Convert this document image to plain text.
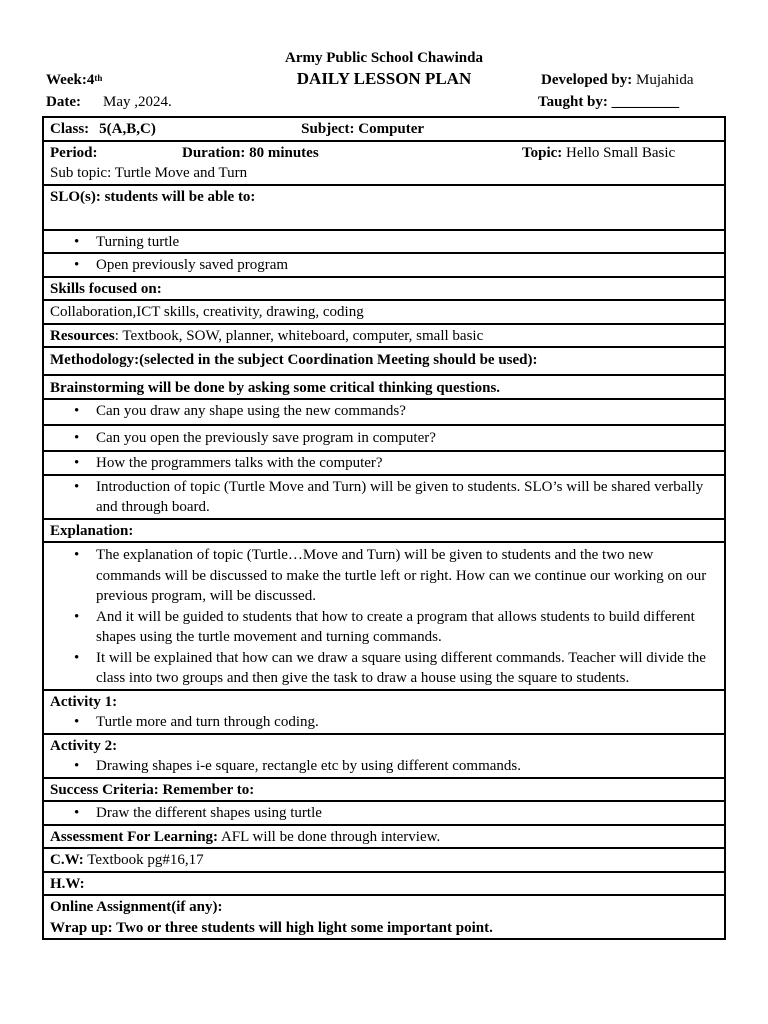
Army Public School Chawinda
DAILY LESSON PLAN
Week:4th	Developed by: Mujahida
Date: May ,2024.	Taught by: _________
Class: 5(A,B,C)	Subject: Computer
Period:	Duration: 80 minutes	Topic: Hello Small Basic
Sub topic: Turtle Move and Turn
SLO(s): students will be able to:
• Turning turtle
• Open previously saved program
Skills focused on:
Collaboration,ICT skills, creativity, drawing, coding
Resources: Textbook, SOW, planner, whiteboard, computer, small basic
Methodology:(selected in the subject Coordination Meeting should be used):
Brainstorming will be done by asking some critical thinking questions.
• Can you draw any shape using the new commands?
• Can you open the previously save program in computer?
• How the programmers talks with the computer?
• Introduction of topic (Turtle Move and Turn) will be given to students. SLO’s will be shared verbally and through board.
Explanation:
• The explanation of topic (Turtle…Move and Turn) will be given to students and the two new commands will be discussed to make the turtle left or right. How can we continue our working on our previous program, will be discussed.
• And it will be guided to students that how to create a program that allows students to build different shapes using the turtle movement and turning commands.
• It will be explained that how can we draw a square using different commands. Teacher will divide the class into two groups and then give the task to draw a house using the square to students.
Activity 1:
• Turtle more and turn through coding.
Activity 2:
• Drawing shapes i-e square, rectangle etc by using different commands.
Success Criteria: Remember to:
• Draw the different shapes using turtle
Assessment For Learning: AFL will be done through interview.
C.W: Textbook pg#16,17
H.W:
Online Assignment(if any):
Wrap up: Two or three students will high light some important point.
